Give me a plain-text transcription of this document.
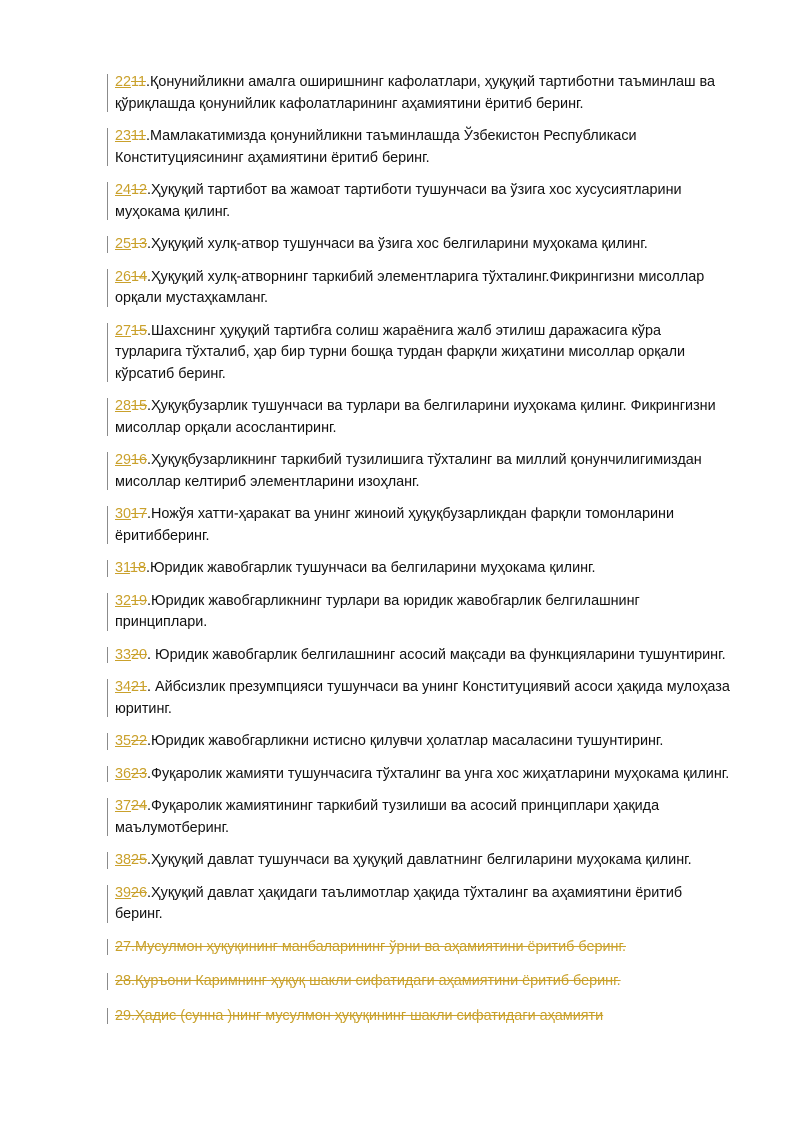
2211.Қонунийликни амалга оширишнинг кафолатлари, ҳуқуқий тартиботни таъминлаш ва қўриқлашда қонунийлик кафолатларининг аҳамиятини ёритиб беринг.
2311.Мамлакатимизда қонунийликни таъминлашда Ўзбекистон Республикаси Конституциясининг аҳамиятини ёритиб беринг.
2412.Ҳуқуқий тартибот ва жамоат тартиботи тушунчаси ва ўзига хос хусусиятларини муҳокама қилинг.
2513.Ҳуқуқий хулқ-атвор тушунчаси ва ўзига хос белгиларини муҳокама қилинг.
2614.Ҳуқуқий хулқ-атворнинг таркибий элементларига тўхталинг.Фикрингизни мисоллар орқали мустаҳкамланг.
2715.Шахснинг ҳуқуқий тартибга солиш жараёнига жалб этилиш даражасига кўра турларига тўхталиб, ҳар бир турни бошқа турдан фарқли жиҳатини мисоллар орқали кўрсатиб беринг.
2815.Ҳуқуқбузарлик тушунчаси ва турлари ва белгиларини иуҳокама қилинг. Фикрингизни мисоллар орқали асослантиринг.
2916.Ҳуқуқбузарликнинг таркибий тузилишига тўхталинг ва миллий қонунчилигимиздан мисоллар келтириб элементларини изоҳланг.
3017.Ножўя хатти-ҳаракат ва унинг жиноий ҳуқуқбузарликдан фарқли томонларини ёритибберинг.
3118.Юридик жавобгарлик тушунчаси ва белгиларини муҳокама қилинг.
3219.Юридик жавобгарликнинг турлари ва юридик жавобгарлик белгилашнинг принциплари.
3320. Юридик жавобгарлик белгилашнинг асосий мақсади ва функцияларини тушунтиринг.
3421. Айбсизлик презумпцияси тушунчаси ва унинг Конституциявий асоси ҳақида мулоҳаза юритинг.
3522.Юридик жавобгарликни истисно қилувчи ҳолатлар масаласини тушунтиринг.
3623.Фуқаролик жамияти тушунчасига тўхталинг ва унга хос жиҳатларини муҳокама қилинг.
3724.Фуқаролик жамиятининг таркибий тузилиши ва асосий принциплари ҳақида маълумотберинг.
3825.Ҳуқуқий давлат тушунчаси ва ҳуқуқий давлатнинг белгиларини муҳокама қилинг.
3926.Ҳуқуқий давлат ҳақидаги таълимотлар ҳақида тўхталинг ва аҳамиятини ёритиб беринг.
27.Мусулмон ҳуқуқининг манбаларининг ўрни ва аҳамиятини ёритиб беринг.
28.Қуръони Каримнинг ҳуқуқ шакли сифатидаги аҳамиятини ёритиб беринг.
29.Ҳадис (сунна )нинг мусулмон ҳуқуқининг шакли сифатидаги аҳамияти
